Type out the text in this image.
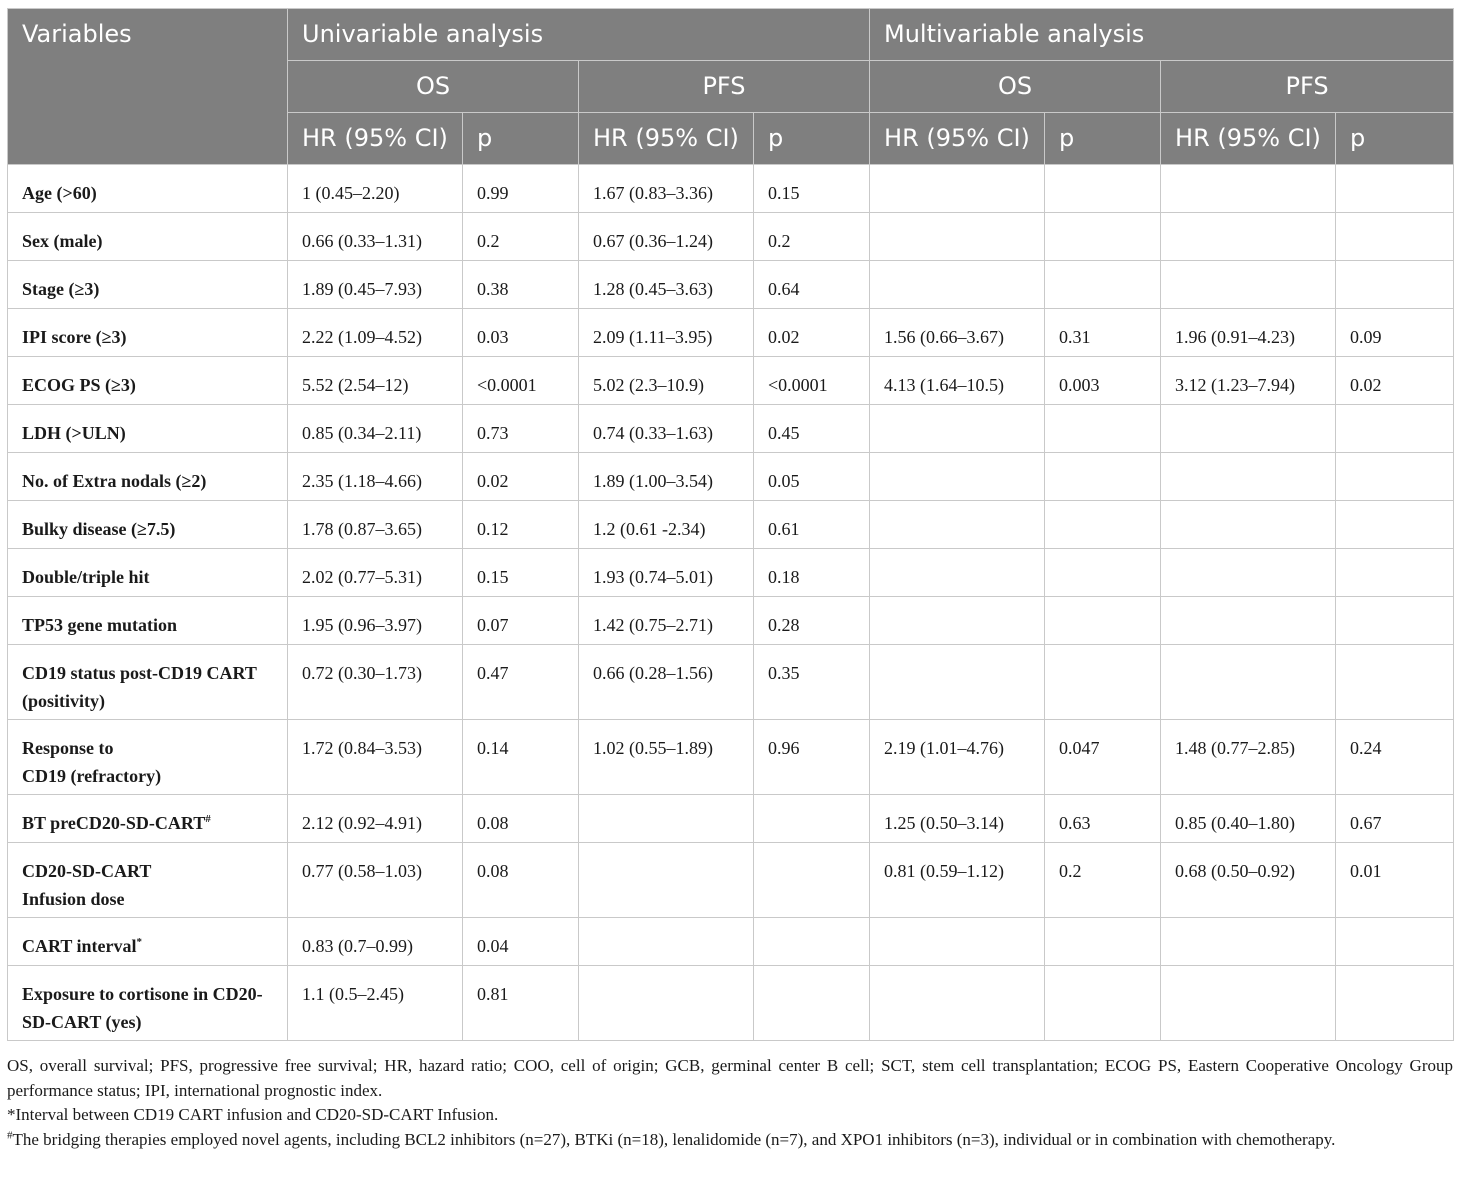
Variables	Univariable analysis				Multivariable analysis			
	OS		PFS		OS		PFS	
	HR (95% CI)	p	HR (95% CI)	p	HR (95% CI)	p	HR (95% CI)	p
Age (>60)	1 (0.45–2.20)	0.99	1.67 (0.83–3.36)	0.15				
Sex (male)	0.66 (0.33–1.31)	0.2	0.67 (0.36–1.24)	0.2				
Stage (≥3)	1.89 (0.45–7.93)	0.38	1.28 (0.45–3.63)	0.64				
IPI score (≥3)	2.22 (1.09–4.52)	0.03	2.09 (1.11–3.95)	0.02	1.56 (0.66–3.67)	0.31	1.96 (0.91–4.23)	0.09
ECOG PS (≥3)	5.52 (2.54–12)	<0.0001	5.02 (2.3–10.9)	<0.0001	4.13 (1.64–10.5)	0.003	3.12 (1.23–7.94)	0.02
LDH (>ULN)	0.85 (0.34–2.11)	0.73	0.74 (0.33–1.63)	0.45				
No. of Extra nodals (≥2)	2.35 (1.18–4.66)	0.02	1.89 (1.00–3.54)	0.05				
Bulky disease (≥7.5)	1.78 (0.87–3.65)	0.12	1.2 (0.61 -2.34)	0.61				
Double/triple hit	2.02 (0.77–5.31)	0.15	1.93 (0.74–5.01)	0.18				
TP53 gene mutation	1.95 (0.96–3.97)	0.07	1.42 (0.75–2.71)	0.28				
CD19 status post-CD19 CART (positivity)	0.72 (0.30–1.73)	0.47	0.66 (0.28–1.56)	0.35				
Response to
CD19 (refractory)	1.72 (0.84–3.53)	0.14	1.02 (0.55–1.89)	0.96	2.19 (1.01–4.76)	0.047	1.48 (0.77–2.85)	0.24
BT preCD20-SD-CART#	2.12 (0.92–4.91)	0.08			1.25 (0.50–3.14)	0.63	0.85 (0.40–1.80)	0.67
CD20-SD-CART
Infusion dose	0.77 (0.58–1.03)	0.08			0.81 (0.59–1.12)	0.2	0.68 (0.50–0.92)	0.01
CART interval*	0.83 (0.7–0.99)	0.04						
Exposure to cortisone in CD20-SD-CART (yes)	1.1 (0.5–2.45)	0.81						

OS, overall survival; PFS, progressive free survival; HR, hazard ratio; COO, cell of origin; GCB, germinal center B cell; SCT, stem cell transplantation; ECOG PS, Eastern Cooperative Oncology Group performance status; IPI, international prognostic index.

*Interval between CD19 CART infusion and CD20-SD-CART Infusion.

#The bridging therapies employed novel agents, including BCL2 inhibitors (n=27), BTKi (n=18), lenalidomide (n=7), and XPO1 inhibitors (n=3), individual or in combination with chemotherapy.
